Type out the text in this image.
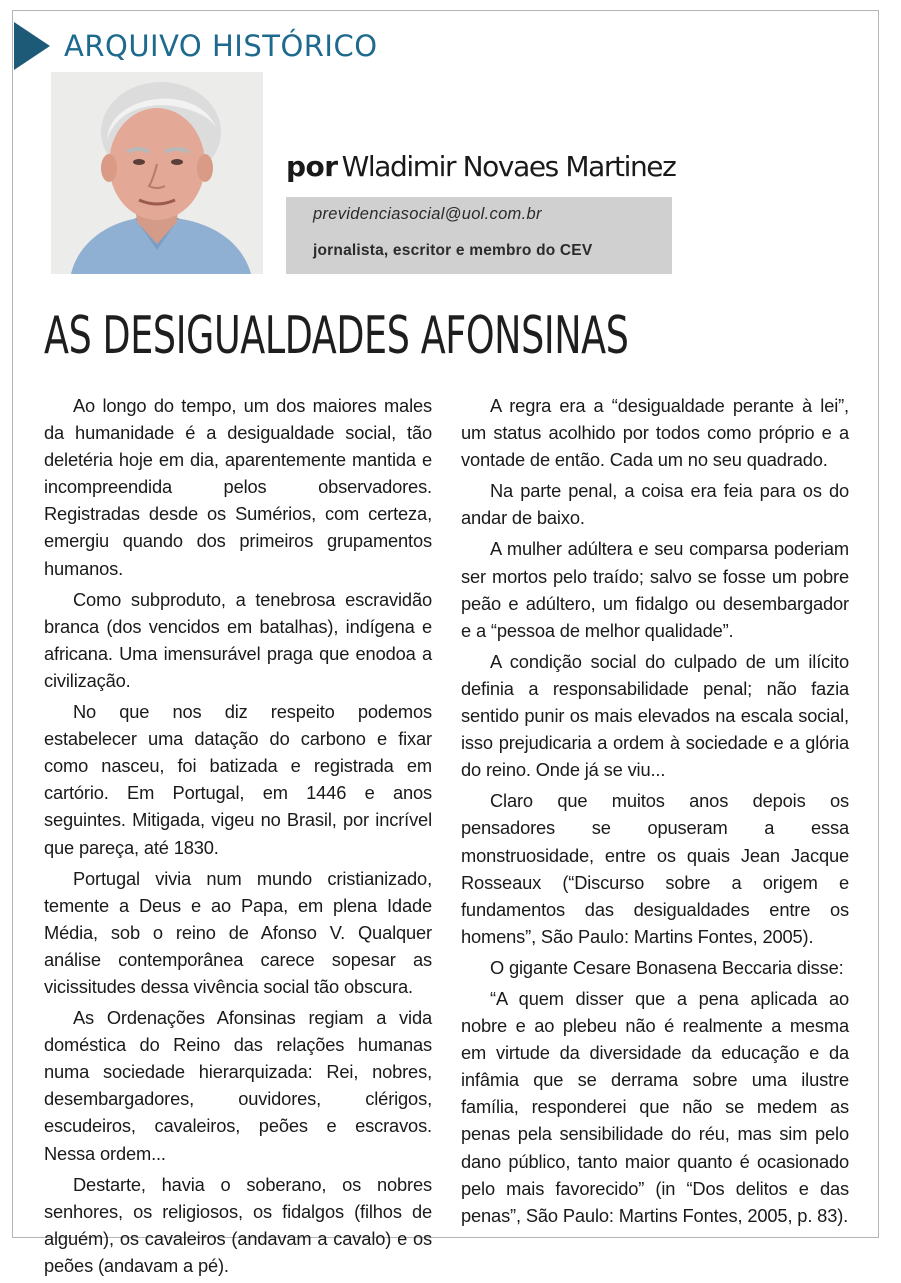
ARQUIVO HISTÓRICO

por Wladimir Novaes Martinez

previdenciasocial@uol.com.br

jornalista, escritor e membro do CEV

AS DESIGUALDADES AFONSINAS

Ao longo do tempo, um dos maiores males da humanidade é a desigualdade social, tão deletéria hoje em dia, aparentemente mantida e incompreendida pelos observadores. Registradas desde os Sumérios, com certeza, emergiu quando dos primeiros grupamentos humanos.

Como subproduto, a tenebrosa escravidão branca (dos vencidos em batalhas), indígena e africana. Uma imensurável praga que enodoa a civilização.

No que nos diz respeito podemos estabelecer uma datação do carbono e fixar como nasceu, foi batizada e registrada em cartório. Em Portugal, em 1446 e anos seguintes. Mitigada, vigeu no Brasil, por incrível que pareça, até 1830.

Portugal vivia num mundo cristianizado, temente a Deus e ao Papa, em plena Idade Média, sob o reino de Afonso V. Qualquer análise contemporânea carece sopesar as vicissitudes dessa vivência social tão obscura.

As Ordenações Afonsinas regiam a vida doméstica do Reino das relações humanas numa sociedade hierarquizada: Rei, nobres, desembargadores, ouvidores, clérigos, escudeiros, cavaleiros, peões e escravos. Nessa ordem...

Destarte, havia o soberano, os nobres senhores, os religiosos, os fidalgos (filhos de alguém), os cavaleiros (andavam a cavalo) e os peões (andavam a pé).

A regra era a “desigualdade perante à lei”, um status acolhido por todos como próprio e a vontade de então. Cada um no seu quadrado.

Na parte penal, a coisa era feia para os do andar de baixo.

A mulher adúltera e seu comparsa poderiam ser mortos pelo traído; salvo se fosse um pobre peão e adúltero, um fidalgo ou desembargador e a “pessoa de melhor qualidade”.

A condição social do culpado de um ilícito definia a responsabilidade penal; não fazia sentido punir os mais elevados na escala social, isso prejudicaria a ordem à sociedade e a glória do reino. Onde já se viu...

Claro que muitos anos depois os pensadores se opuseram a essa monstruosidade, entre os quais Jean Jacque Rosseaux (“Discurso sobre a origem e fundamentos das desigualdades entre os homens”, São Paulo: Martins Fontes, 2005).

O gigante Cesare Bonasena Beccaria disse:

“A quem disser que a pena aplicada ao nobre e ao plebeu não é realmente a mesma em virtude da diversidade da educação e da infâmia que se derrama sobre uma ilustre família, responderei que não se medem as penas pela sensibilidade do réu, mas sim pelo dano público, tanto maior quanto é ocasionado pelo mais favorecido” (in “Dos delitos e das penas”, São Paulo: Martins Fontes, 2005, p. 83).
